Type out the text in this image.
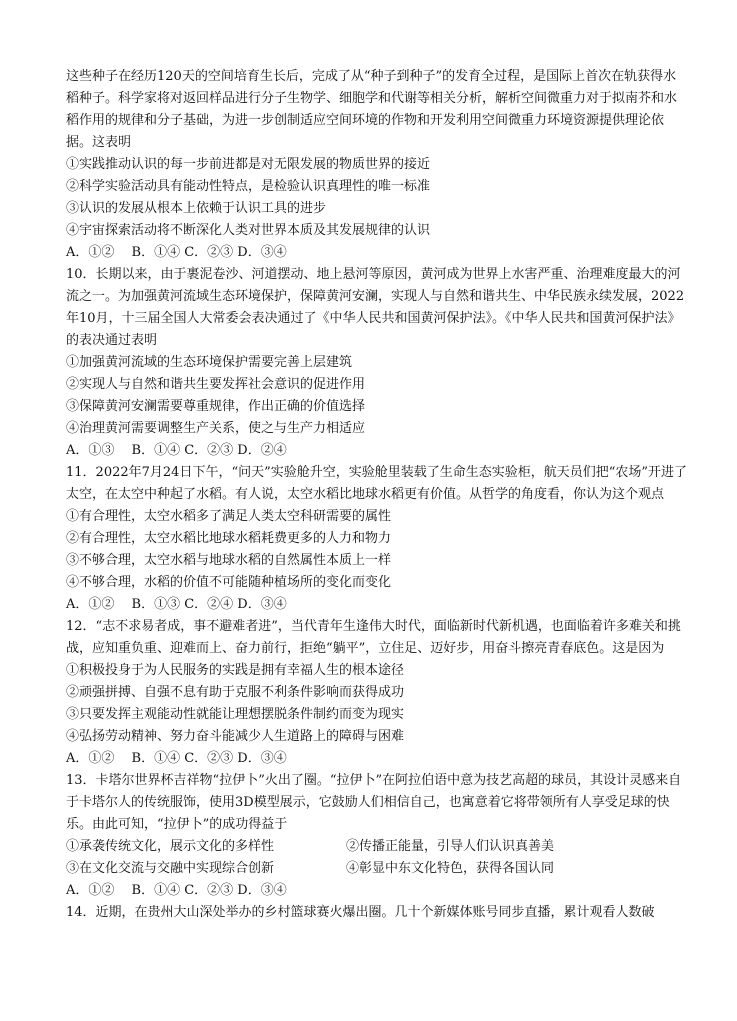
这些种子在经历120天的空间培育生长后，完成了从“种子到种子”的发育全过程，是国际上首次在轨获得水稻种子。科学家将对返回样品进行分子生物学、细胞学和代谢等相关分析，解析空间微重力对于拟南芥和水稻作用的规律和分子基础，为进一步创制适应空间环境的作物和开发利用空间微重力环境资源提供理论依据。这表明

①实践推动认识的每一步前进都是对无限发展的物质世界的接近

②科学实验活动具有能动性特点，是检验认识真理性的唯一标准

③认识的发展从根本上依赖于认识工具的进步

④宇宙探索活动将不断深化人类对世界本质及其发展规律的认识

A．①②　 B．①④ C．②③ D．③④

10．长期以来，由于裹泥卷沙、河道摆动、地上悬河等原因，黄河成为世界上水害严重、治理难度最大的河流之一。为加强黄河流域生态环境保护，保障黄河安澜，实现人与自然和谐共生、中华民族永续发展，2022年10月，十三届全国人大常委会表决通过了《中华人民共和国黄河保护法》。《中华人民共和国黄河保护法》的表决通过表明

①加强黄河流域的生态环境保护需要完善上层建筑

②实现人与自然和谐共生要发挥社会意识的促进作用

③保障黄河安澜需要尊重规律，作出正确的价值选择

④治理黄河需要调整生产关系，使之与生产力相适应

A．①③　 B．①④ C．②③ D．②④

11．2022年7月24日下午，“问天”实验舱升空，实验舱里装载了生命生态实验柜，航天员们把“农场”开进了太空，在太空中种起了水稻。有人说，太空水稻比地球水稻更有价值。从哲学的角度看，你认为这个观点

①有合理性，太空水稻多了满足人类太空科研需要的属性

②有合理性，太空水稻比地球水稻耗费更多的人力和物力

③不够合理，太空水稻与地球水稻的自然属性本质上一样

④不够合理，水稻的价值不可能随种植场所的变化而变化

A．①②　 B．①③ C．②④ D．③④

12．“志不求易者成，事不避难者进”，当代青年生逢伟大时代，面临新时代新机遇，也面临着许多难关和挑战，应知重负重、迎难而上、奋力前行，拒绝“躺平”，立住足、迈好步，用奋斗擦亮青春底色。这是因为

①积极投身于为人民服务的实践是拥有幸福人生的根本途径

②顽强拼搏、自强不息有助于克服不利条件影响而获得成功

③只要发挥主观能动性就能让理想摆脱条件制约而变为现实

④弘扬劳动精神、努力奋斗能减少人生道路上的障碍与困难

A．①②　 B．①④ C．②③ D．③④

13．卡塔尔世界杯吉祥物“拉伊卜”火出了圈。“拉伊卜”在阿拉伯语中意为技艺高超的球员，其设计灵感来自于卡塔尔人的传统服饰，使用3D模型展示，它鼓励人们相信自己，也寓意着它将带领所有人享受足球的快乐。由此可知，“拉伊卜”的成功得益于

①承袭传统文化，展示文化的多样性	②传播正能量，引导人们认识真善美
③在文化交流与交融中实现综合创新	④彰显中东文化特色，获得各国认同

A．①②　 B．①④ C．②③ D．③④

14．近期，在贵州大山深处举办的乡村篮球赛火爆出圈。几十个新媒体账号同步直播，累计观看人数破
